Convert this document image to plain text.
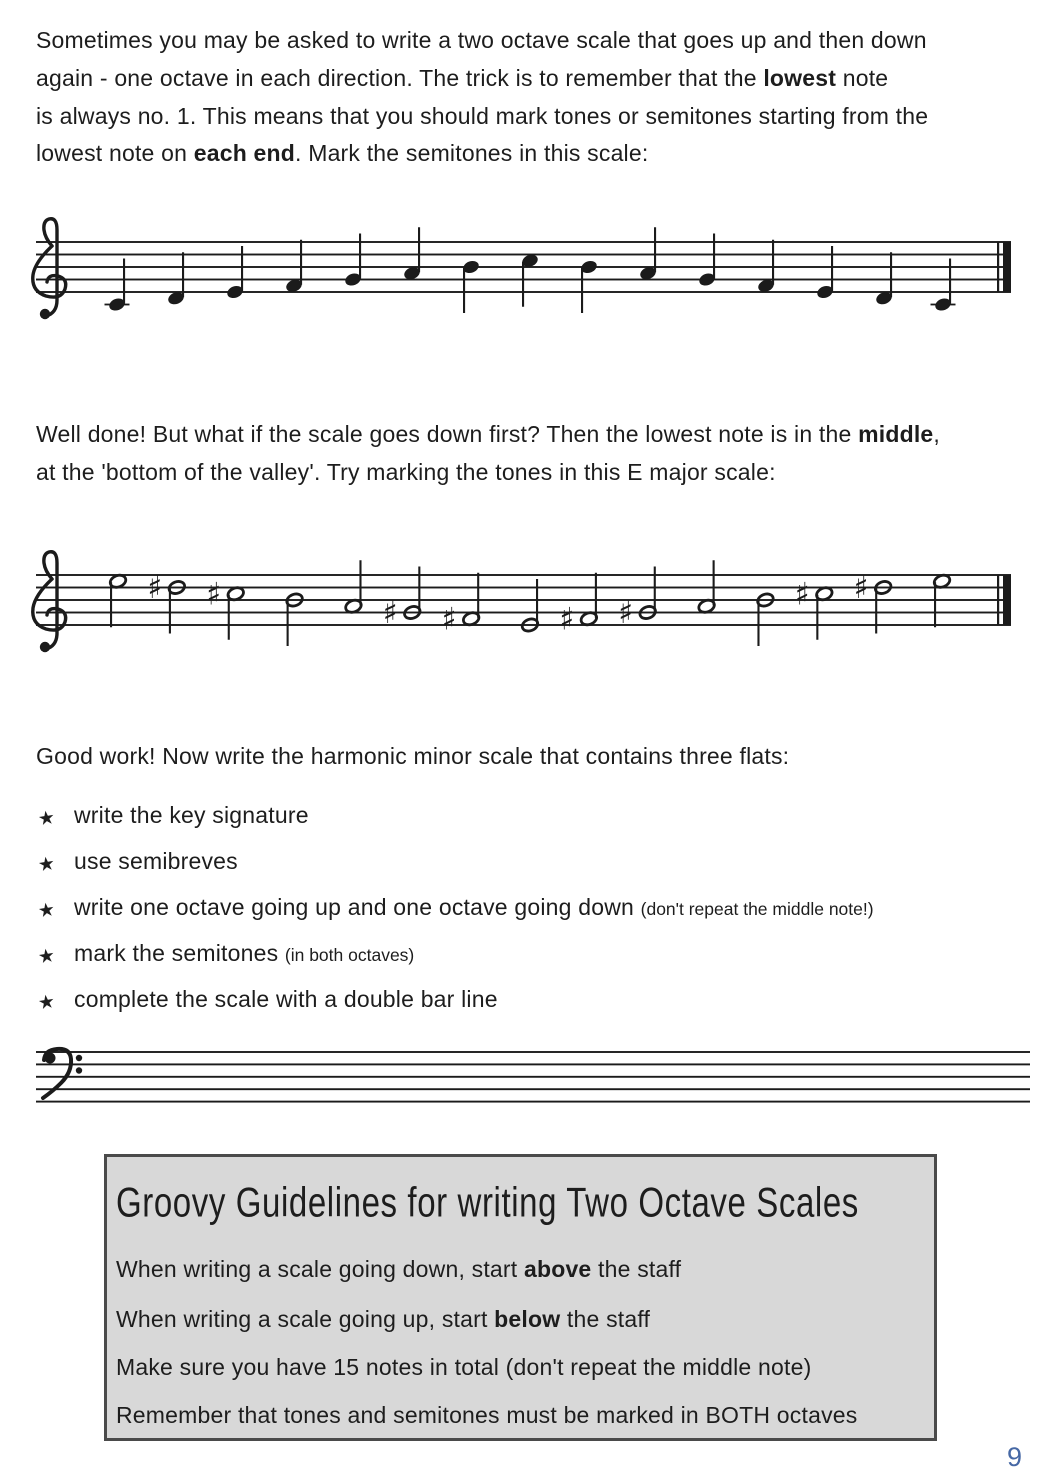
Sometimes you may be asked to write a two octave scale that goes up and then down
again - one octave in each direction. The trick is to remember that the lowest note
is always no. 1. This means that you should mark tones or semitones starting from the
lowest note on each end. Mark the semitones in this scale:

Well done! But what if the scale goes down first? Then the lowest note is in the middle,
at the 'bottom of the valley'. Try marking the tones in this E major scale:

Good work! Now write the harmonic minor scale that contains three flats:

★ write the key signature
★ use semibreves
★ write one octave going up and one octave going down (don't repeat the middle note!)
★ mark the semitones (in both octaves)
★ complete the scale with a double bar line
♯ ♯
♯ ♯	♯ ♯
♯ ♯
Groovy Guidelines for writing Two Octave Scales
When writing a scale going down, start above the staff
When writing a scale going up, start below the staff
Make sure you have 15 notes in total (don't repeat the middle note)
Remember that tones and semitones must be marked in BOTH octaves
9
